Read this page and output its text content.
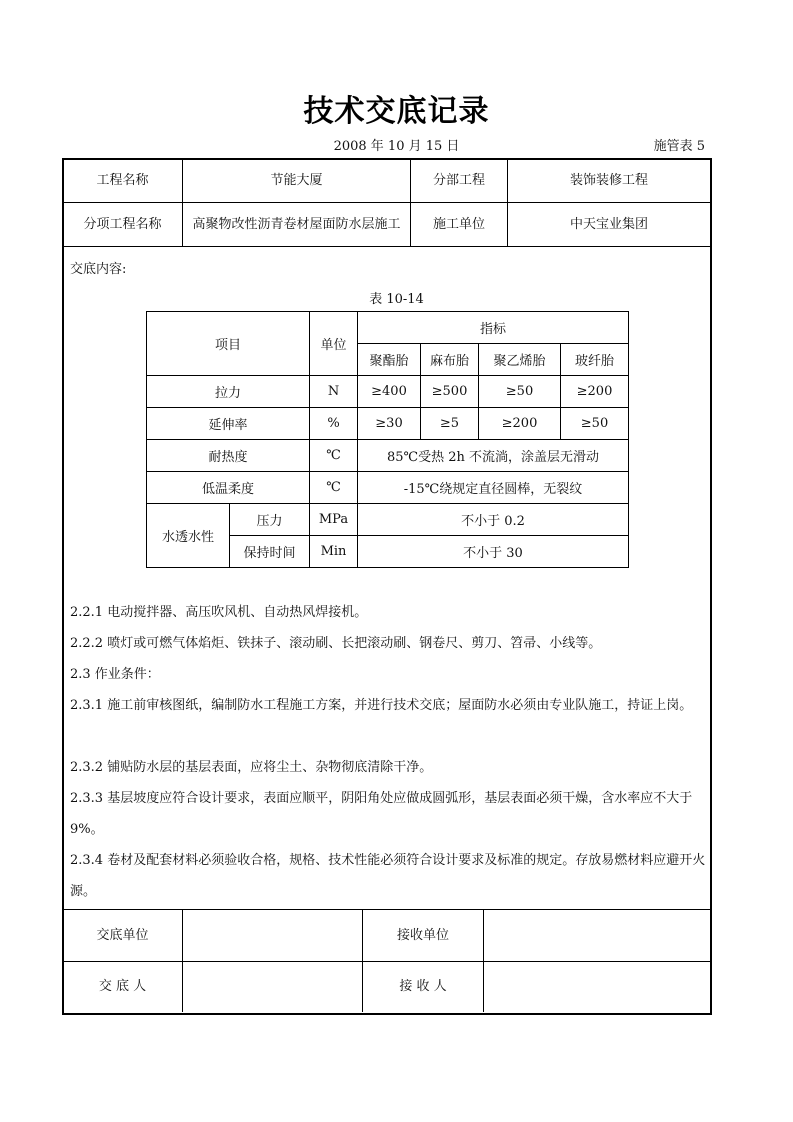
技术交底记录
2008 年 10 月 15 日	施管表 5
工程名称	节能大厦	分部工程	装饰装修工程
分项工程名称	高聚物改性沥青卷材屋面防水层施工	施工单位	中天宝业集团
交底内容:
表 10-14
项目		单位	指标			
			聚酯胎	麻布胎	聚乙烯胎	玻纤胎
拉力		N	≥400	≥500	≥50	≥200
延伸率		%	≥30	≥5	≥200	≥50
耐热度		℃	85℃受热 2h 不流淌，涂盖层无滑动			
低温柔度		℃	-15℃绕规定直径圆棒，无裂纹			
水透水性	压力	MPa	不小于 0.2			
	保持时间	Min	不小于 30			
2.2.1 电动搅拌器、高压吹风机、自动热风焊接机。
2.2.2 喷灯或可燃气体焰炬、铁抹子、滚动刷、长把滚动刷、钢卷尺、剪刀、笤帚、小线等。
2.3 作业条件：
2.3.1 施工前审核图纸，编制防水工程施工方案，并进行技术交底；屋面防水必须由专业队施工，持证上岗。
2.3.2 铺贴防水层的基层表面，应将尘土、杂物彻底清除干净。
2.3.3 基层坡度应符合设计要求，表面应顺平，阴阳角处应做成圆弧形，基层表面必须干燥，含水率应不大于 9%。
2.3.4 卷材及配套材料必须验收合格，规格、技术性能必须符合设计要求及标准的规定。存放易燃材料应避开火源。
交底单位	接收单位
交 底 人	接 收 人
